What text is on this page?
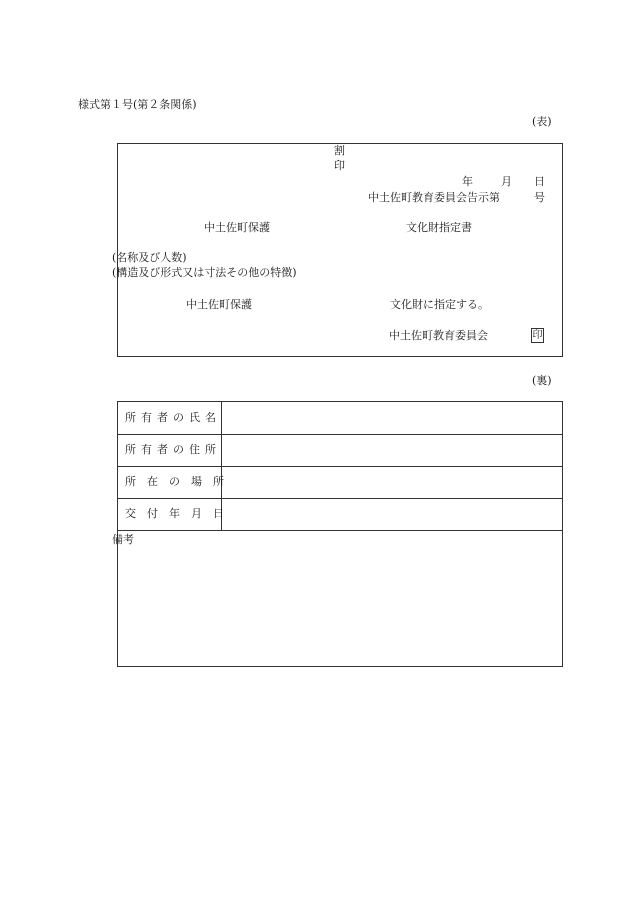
様式第１号(第２条関係)
(表)
割
印
年	月 日
中土佐町教育委員会告示第	号
中土佐町保護	文化財指定書
(名称及び人数)
(構造及び形式又は寸法その他の特徴)
中土佐町保護	文化財に指定する。
中土佐町教育委員会	印
(裏)
所有者の氏名
所有者の住所
所在の場所
交付年月日
備考
